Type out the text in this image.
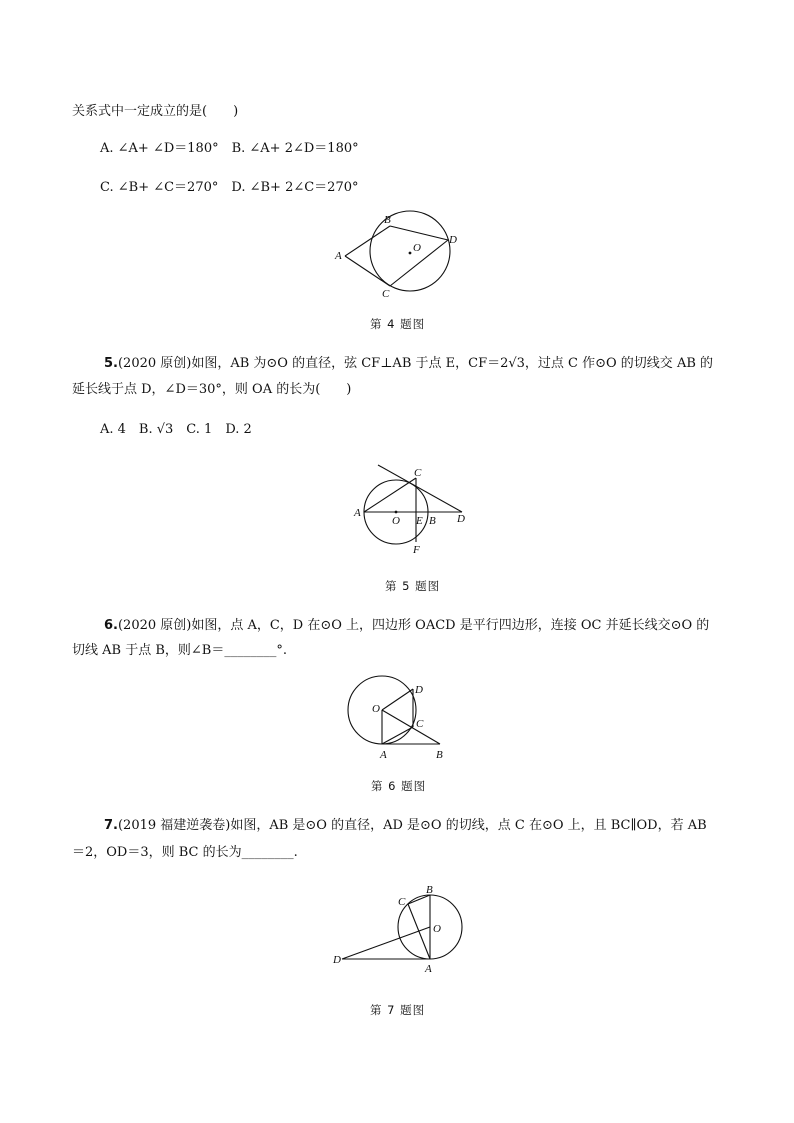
关系式中一定成立的是(　　)
A. ∠A+ ∠D＝180°　B. ∠A+ 2∠D＝180°
C. ∠B+ ∠C＝270°　D. ∠B+ 2∠C＝270°
A
B
C
D
O
第 4 题图
5.(2020 原创)如图，AB 为⊙O 的直径，弦 CF⊥AB 于点 E，CF＝2√3，过点 C 作⊙O 的切线交 AB 的
延长线于点 D，∠D＝30°，则 OA 的长为(　　)
A. 4　B. √3　C. 1　D. 2
A
C
O E B D
F
第 5 题图
6.(2020 原创)如图，点 A，C，D 在⊙O 上，四边形 OACD 是平行四边形，连接 OC 并延长线交⊙O 的
切线 AB 于点 B，则∠B＝________°.
O
D
C
A	B
第 6 题图
7.(2019 福建逆袭卷)如图，AB 是⊙O 的直径，AD 是⊙O 的切线，点 C 在⊙O 上，且 BC∥OD，若 AB
＝2，OD＝3，则 BC 的长为________.
B
C
O
D
A
第 7 题图
